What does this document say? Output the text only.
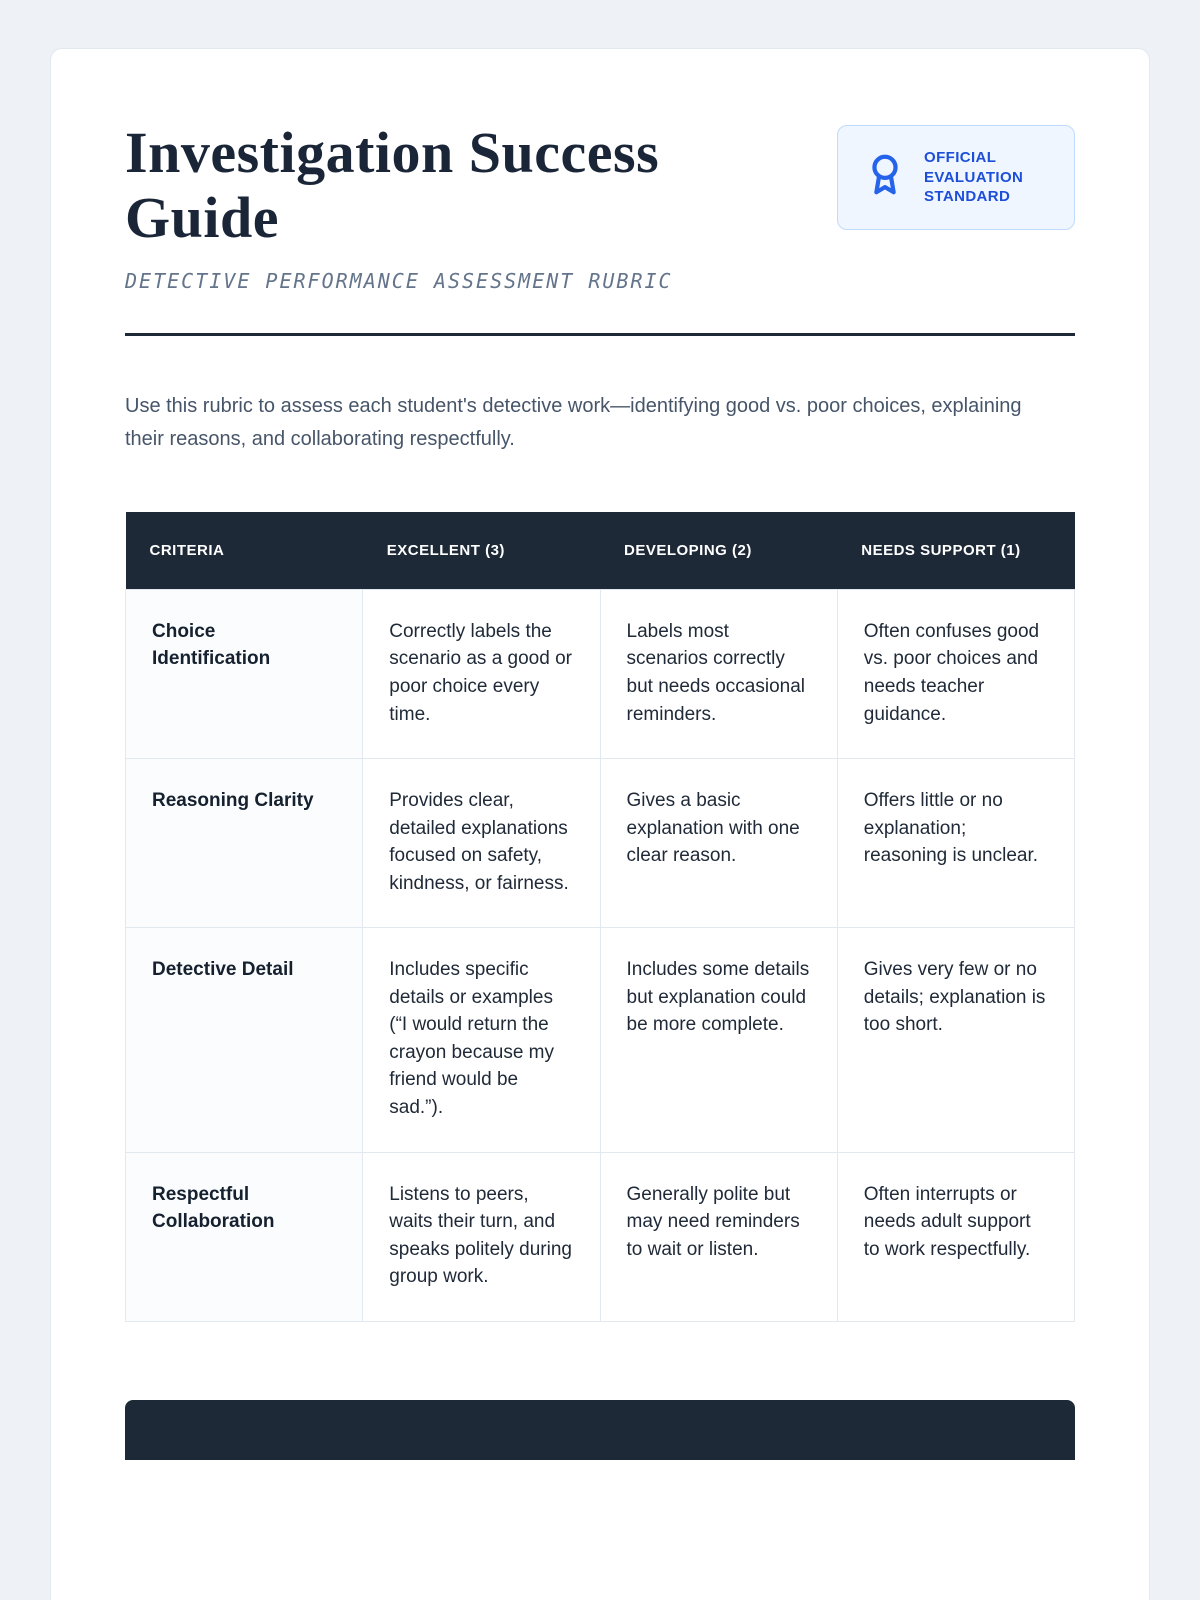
Investigation Success Guide
DETECTIVE PERFORMANCE ASSESSMENT RUBRIC
OFFICIAL EVALUATION STANDARD

Use this rubric to assess each student's detective work—identifying good vs. poor choices, explaining their reasons, and collaborating respectfully.

CRITERIA	EXCELLENT (3)	DEVELOPING (2)	NEEDS SUPPORT (1)
Choice Identification	Correctly labels the scenario as a good or poor choice every time.	Labels most scenarios correctly but needs occasional reminders.	Often confuses good vs. poor choices and needs teacher guidance.
Reasoning Clarity	Provides clear, detailed explanations focused on safety, kindness, or fairness.	Gives a basic explanation with one clear reason.	Offers little or no explanation; reasoning is unclear.
Detective Detail	Includes specific details or examples (“I would return the crayon because my friend would be sad.”).	Includes some details but explanation could be more complete.	Gives very few or no details; explanation is too short.
Respectful Collaboration	Listens to peers, waits their turn, and speaks politely during group work.	Generally polite but may need reminders to wait or listen.	Often interrupts or needs adult support to work respectfully.
